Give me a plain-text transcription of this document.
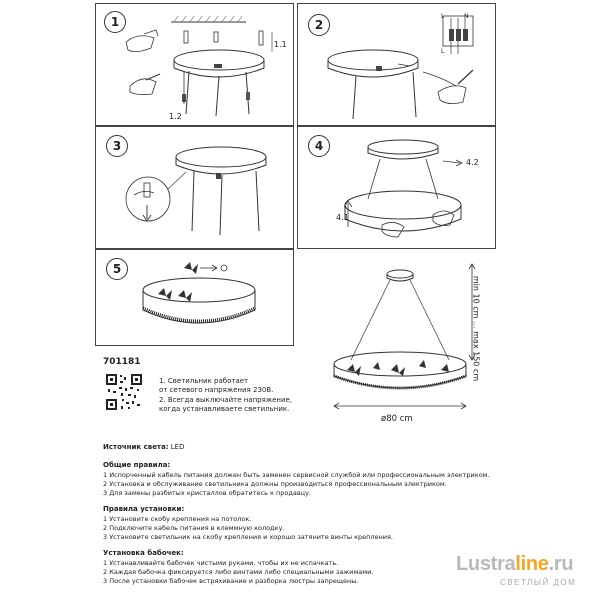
1
1.1
1.2
2
L	N
L
3	4
4.1
4.2
5
701181
1. Светильник работает
от сетевого напряжения 230В.
2. Всегда выключайте напряжение,
когда устанавливаете светильник.
ø80 cm
min 10 cm ... max 150 cm
Источник света: LED
Общие правила:
1 Испорченный кабель питания должен быть заменен сервисной службой или профессиональным электриком.
2 Установка и обслуживание светильника должны производиться профессиональным электриком.
3 Для замены разбитых кристаллов обратитесь к продавцу.
Правила установки:
1 Установите скобу крепления на потолок.
2 Подключите кабель питания в клеммную колодку.
3 Установите светильник на скобу крепления и хорошо затяните винты крепления.
Установка бабочек:
1 Устанавливайте бабочек чистыми руками, чтобы их не испачкать.
2 Каждая бабочка фиксируется либо винтами либо специальными зажимами.
3 После установки бабочек встряхивание и разборка люстры запрещены.
Lustraline.ru
СВЕТЛЫЙ ДОМ
